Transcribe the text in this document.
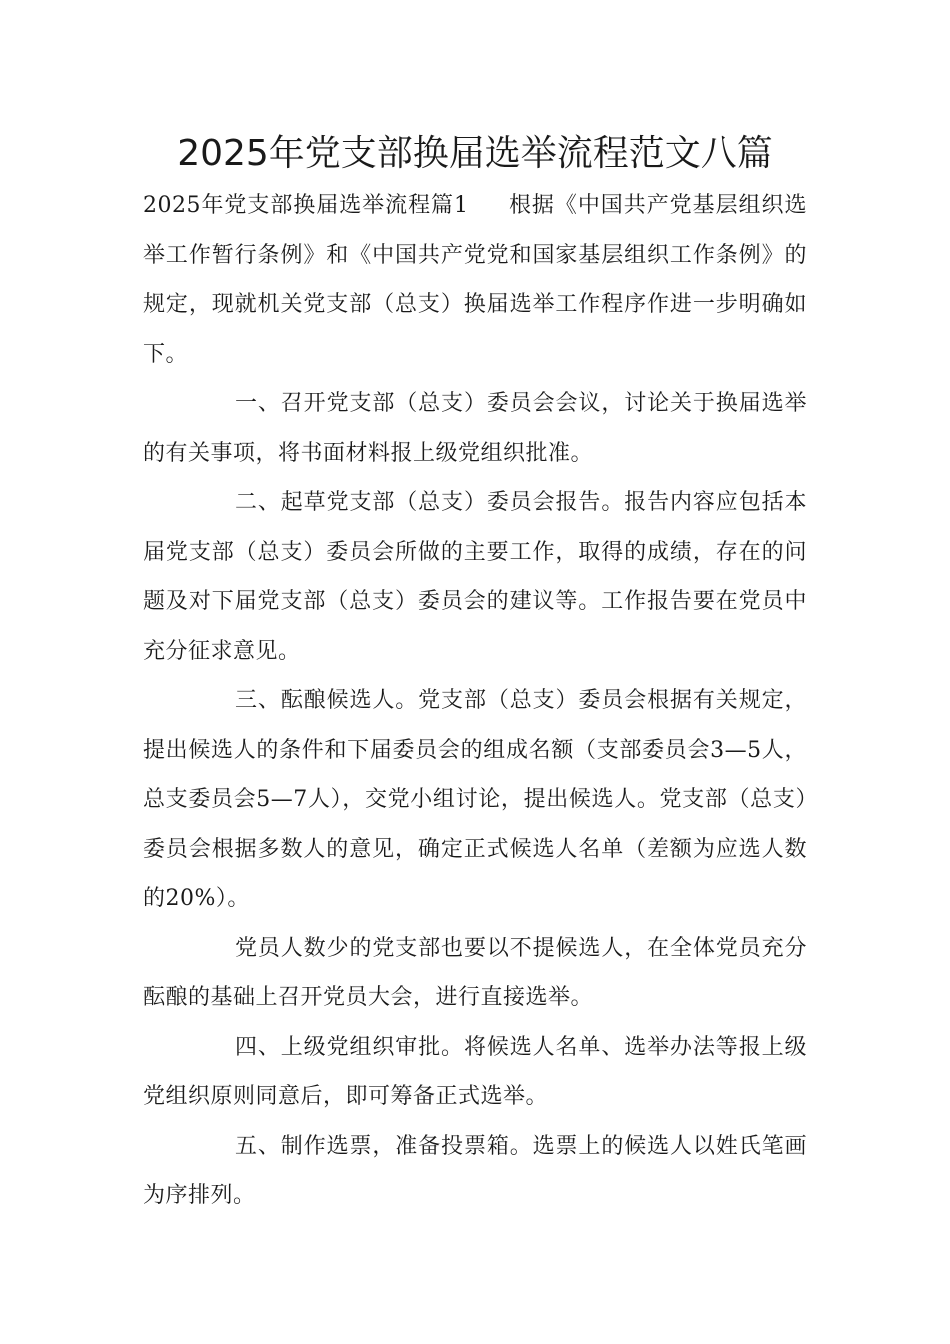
2025年党支部换届选举流程范文八篇

2025年党支部换届选举流程篇1 根据《中国共产党基层组织选举工作暂行条例》和《中国共产党党和国家基层组织工作条例》的规定，现就机关党支部（总支）换届选举工作程序作进一步明确如下。

一、召开党支部（总支）委员会会议，讨论关于换届选举的有关事项，将书面材料报上级党组织批准。

二、起草党支部（总支）委员会报告。报告内容应包括本届党支部（总支）委员会所做的主要工作，取得的成绩，存在的问题及对下届党支部（总支）委员会的建议等。工作报告要在党员中充分征求意见。

三、酝酿候选人。党支部（总支）委员会根据有关规定，提出候选人的条件和下届委员会的组成名额（支部委员会3—5人，总支委员会5—7人），交党小组讨论，提出候选人。党支部（总支）委员会根据多数人的意见，确定正式候选人名单（差额为应选人数的20%）。

党员人数少的党支部也要以不提候选人，在全体党员充分酝酿的基础上召开党员大会，进行直接选举。

四、上级党组织审批。将候选人名单、选举办法等报上级党组织原则同意后，即可筹备正式选举。

五、制作选票，准备投票箱。选票上的候选人以姓氏笔画为序排列。
